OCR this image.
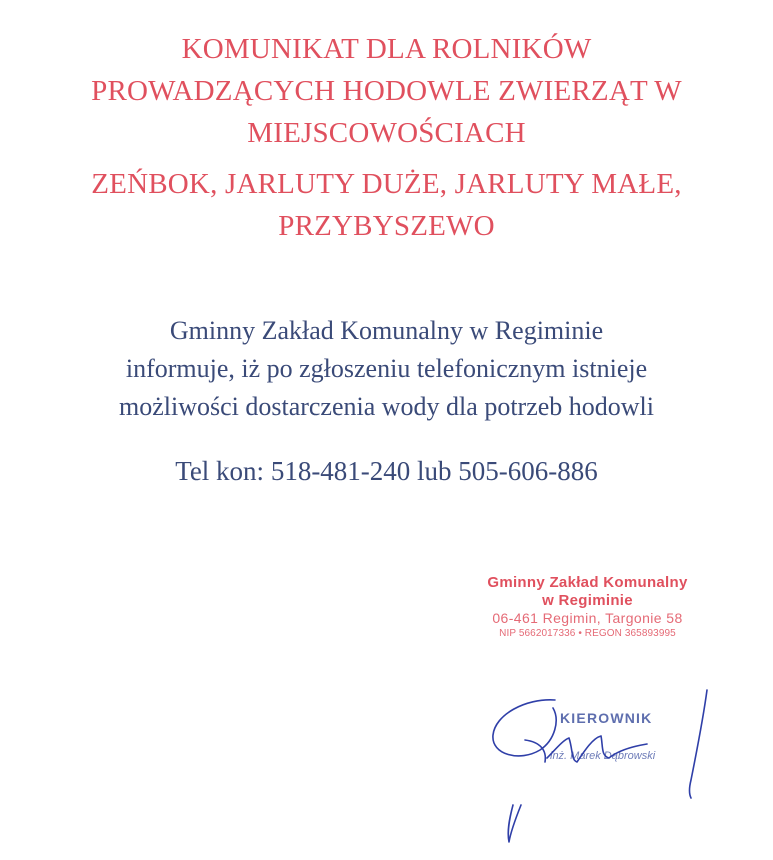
KOMUNIKAT DLA ROLNIKÓW
PROWADZĄCYCH HODOWLE ZWIERZĄT W
MIEJSCOWOŚCIACH
ZEŃBOK, JARLUTY DUŻE, JARLUTY MAŁE,
PRZYBYSZEWO
Gminny Zakład Komunalny w Regiminie
informuje, iż po zgłoszeniu telefonicznym istnieje
możliwości dostarczenia wody dla potrzeb hodowli
Tel kon: 518-481-240 lub 505-606-886
Gminny Zakład Komunalny
w Regiminie
06-461 Regimin, Targonie 58
NIP 5662017336 • REGON 365893995
KIEROWNIK
inż. Marek Dąbrowski
